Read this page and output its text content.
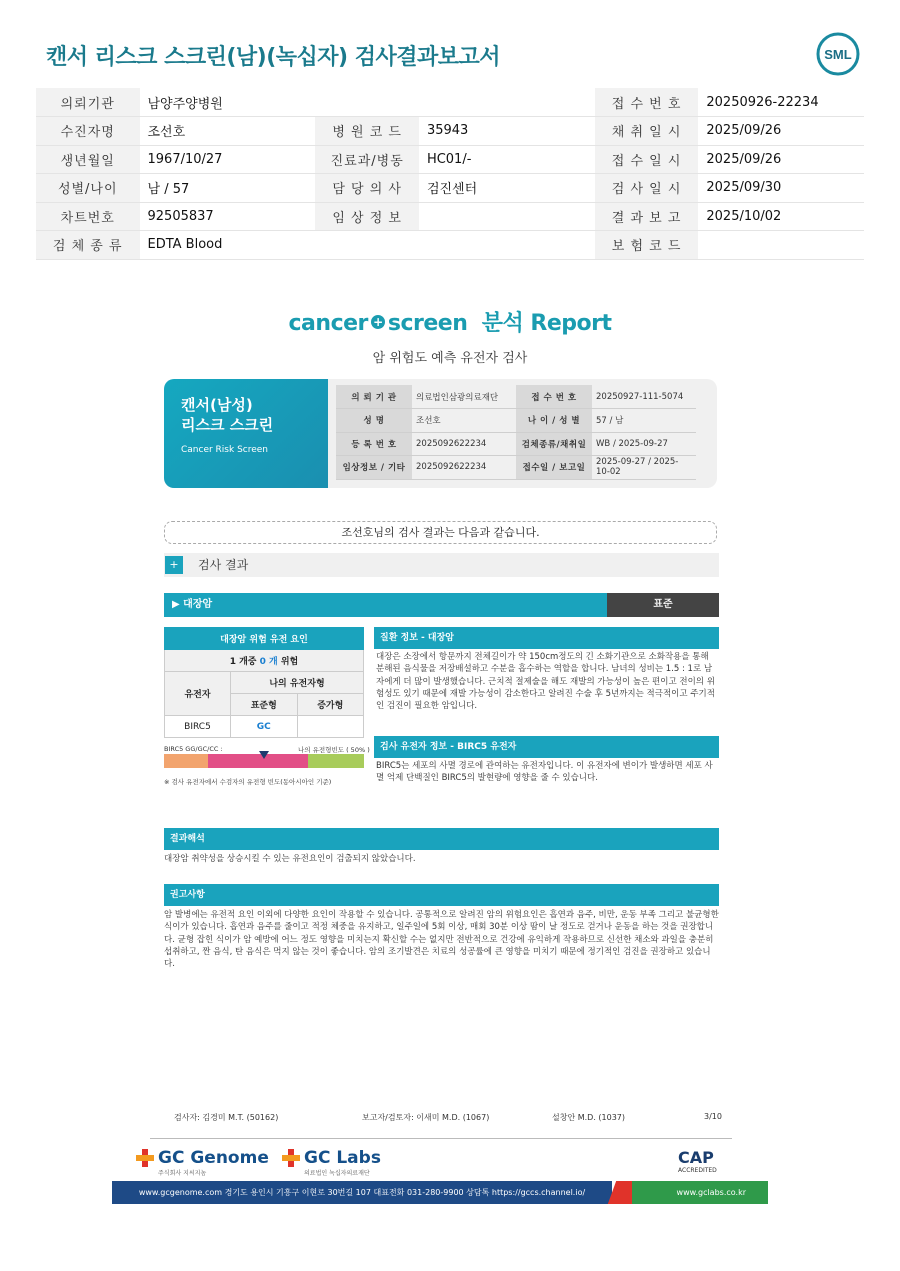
캔서 리스크 스크린(남)(녹십자) 검사결과보고서	SML
의뢰기관	남양주양병원			접 수 번 호	20250926-22234
수진자명	조선호	병 원 코 드	35943	채 취 일 시	2025/09/26
생년월일	1967/10/27	진료과/병동	HC01/-	접 수 일 시	2025/09/26
성별/나이	남 / 57	담 당 의 사	검진센터	검 사 일 시	2025/09/30
차트번호	92505837	임 상 정 보		결 과 보 고	2025/10/02
검 체 종 류	EDTA Blood			보 험 코 드	
cancer + screen 분석 Report
암 위험도 예측 유전자 검사
캔서(남성)
리스크 스크린
Cancer Risk Screen
의 뢰 기 관	의료법인삼광의료재단	접 수 번 호	20250927-111-5074
성 명	조선호	나 이 / 성 별	57 / 남
등 록 번 호	2025092622234	검체종류/채취일	WB / 2025-09-27
임상정보 / 기타	2025092622234	접수일 / 보고일	2025-09-27 / 2025-10-02
조선호님의 검사 결과는 다음과 같습니다.
+	검사 결과
▶ 대장암	표준
대장암 위험 유전 요인		
1 개중 0 개 위험		
유전자	나의 유전자형	
	표준형	증가형
BIRC5	GC	
BIRC5 GG/GC/CC :	나의 유전형빈도 ( 50% )
※ 검사 유전자에서 수검자의 유전형 빈도(동아시아인 기준)
질환 정보 - 대장암
대장은 소장에서 항문까지 전체길이가 약 150cm정도의 긴 소화기관으로 소화작용을 통해 분해된 음식물을 저장배설하고 수분을 흡수하는 역할을 합니다. 남녀의 성비는 1.5 : 1로 남자에게 더 많이 발생했습니다. 근치적 절제술을 해도 재발의 가능성이 높은 편이고 전이의 위험성도 있기 때문에 재발 가능성이 감소한다고 알려진 수술 후 5년까지는 적극적이고 주기적인 검진이 필요한 암입니다.
검사 유전자 정보 - BIRC5 유전자
BIRC5는 세포의 사멸 경로에 관여하는 유전자입니다. 이 유전자에 변이가 발생하면 세포 사멸 억제 단백질인 BIRC5의 발현량에 영향을 줄 수 있습니다.
결과해석
대장암 취약성을 상승시킬 수 있는 유전요인이 검출되지 않았습니다.
권고사항
암 발병에는 유전적 요인 이외에 다양한 요인이 작용할 수 있습니다. 공통적으로 알려진 암의 위험요인은 흡연과 음주, 비만, 운동 부족 그리고 불균형한 식이가 있습니다. 흡연과 음주를 줄이고 적정 체중을 유지하고, 일주일에 5회 이상, 매회 30분 이상 땀이 날 정도로 걷거나 운동을 하는 것을 권장합니다. 균형 잡힌 식이가 암 예방에 어느 정도 영향을 미치는지 확신할 수는 없지만 전반적으로 건강에 유익하게 작용하므로 신선한 채소와 과일을 충분히 섭취하고, 짠 음식, 탄 음식은 먹지 않는 것이 좋습니다. 암의 조기발견은 치료의 성공률에 큰 영향을 미치기 때문에 정기적인 검진을 권장하고 있습니다.
검사자: 김경미 M.T. (50162)	보고자/검토자: 이새미 M.D. (1067)	설창안 M.D. (1037)	3/10
GC Genome
주식회사 지씨지놈
GC Labs
의료법인 녹십자의료재단
CAP
ACCREDITED
www.gcgenome.com 경기도 용인시 기흥구 이현로 30번길 107 대표전화 031-280-9900 상담톡 https://gccs.channel.io/	www.gclabs.co.kr
